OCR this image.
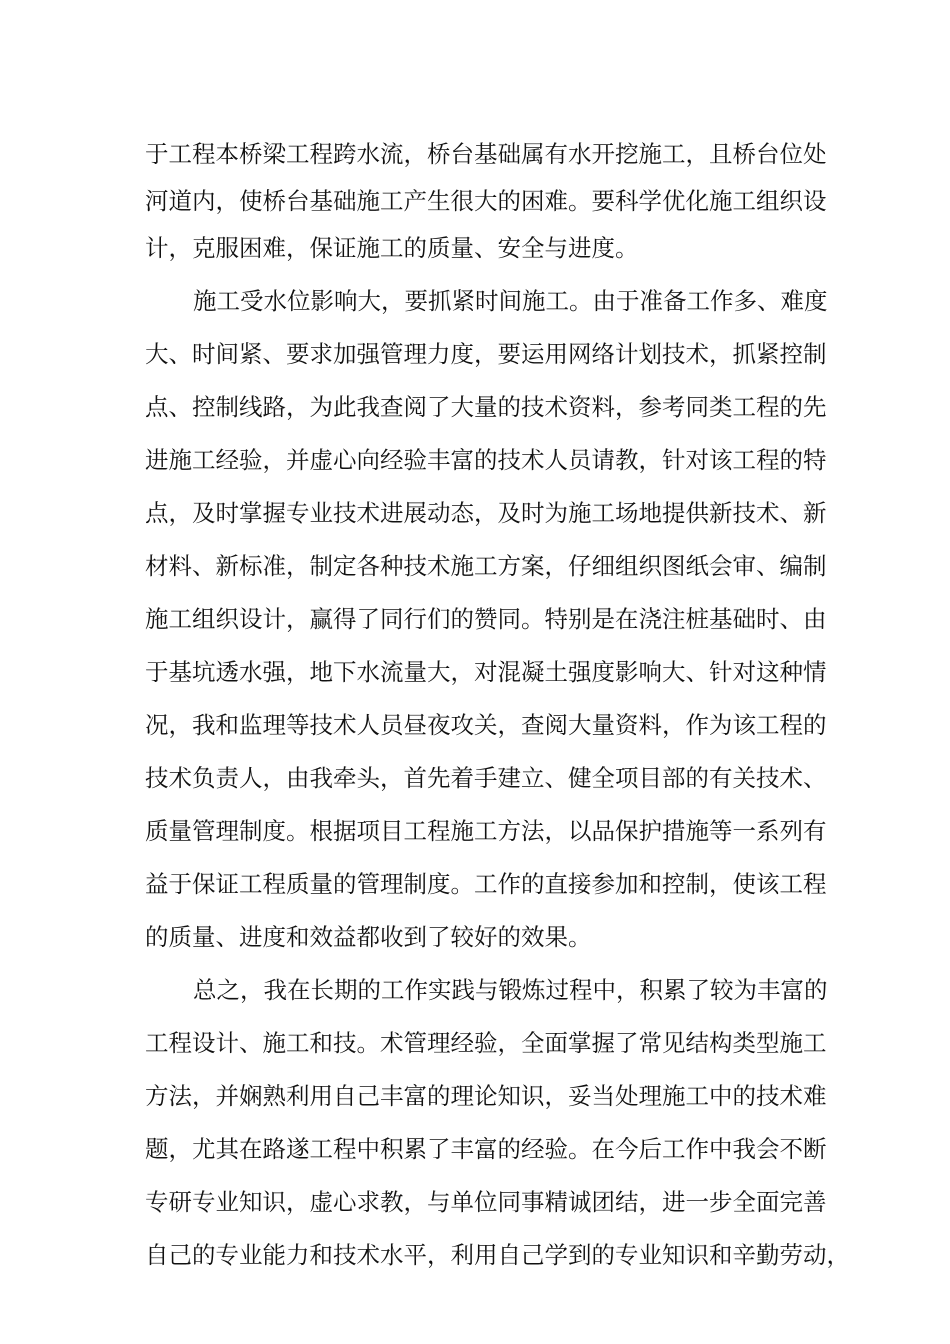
于工程本桥梁工程跨水流，桥台基础属有水开挖施工，且桥台位处
河道内，使桥台基础施工产生很大的困难。要科学优化施工组织设
计，克服困难，保证施工的质量、安全与进度。
施工受水位影响大，要抓紧时间施工。由于准备工作多、难度
大、时间紧、要求加强管理力度，要运用网络计划技术，抓紧控制
点、控制线路，为此我查阅了大量的技术资料，参考同类工程的先
进施工经验，并虚心向经验丰富的技术人员请教，针对该工程的特
点，及时掌握专业技术进展动态，及时为施工场地提供新技术、新
材料、新标准，制定各种技术施工方案，仔细组织图纸会审、编制
施工组织设计，赢得了同行们的赞同。特别是在浇注桩基础时、由
于基坑透水强，地下水流量大，对混凝土强度影响大、针对这种情
况，我和监理等技术人员昼夜攻关，查阅大量资料，作为该工程的
技术负责人，由我牵头，首先着手建立、健全项目部的有关技术、
质量管理制度。根据项目工程施工方法，以品保护措施等一系列有
益于保证工程质量的管理制度。工作的直接参加和控制，使该工程
的质量、进度和效益都收到了较好的效果。
总之，我在长期的工作实践与锻炼过程中，积累了较为丰富的
工程设计、施工和技。术管理经验，全面掌握了常见结构类型施工
方法，并娴熟利用自己丰富的理论知识，妥当处理施工中的技术难
题，尤其在路遂工程中积累了丰富的经验。在今后工作中我会不断
专研专业知识，虚心求教，与单位同事精诚团结，进一步全面完善
自己的专业能力和技术水平，利用自己学到的专业知识和辛勤劳动，
